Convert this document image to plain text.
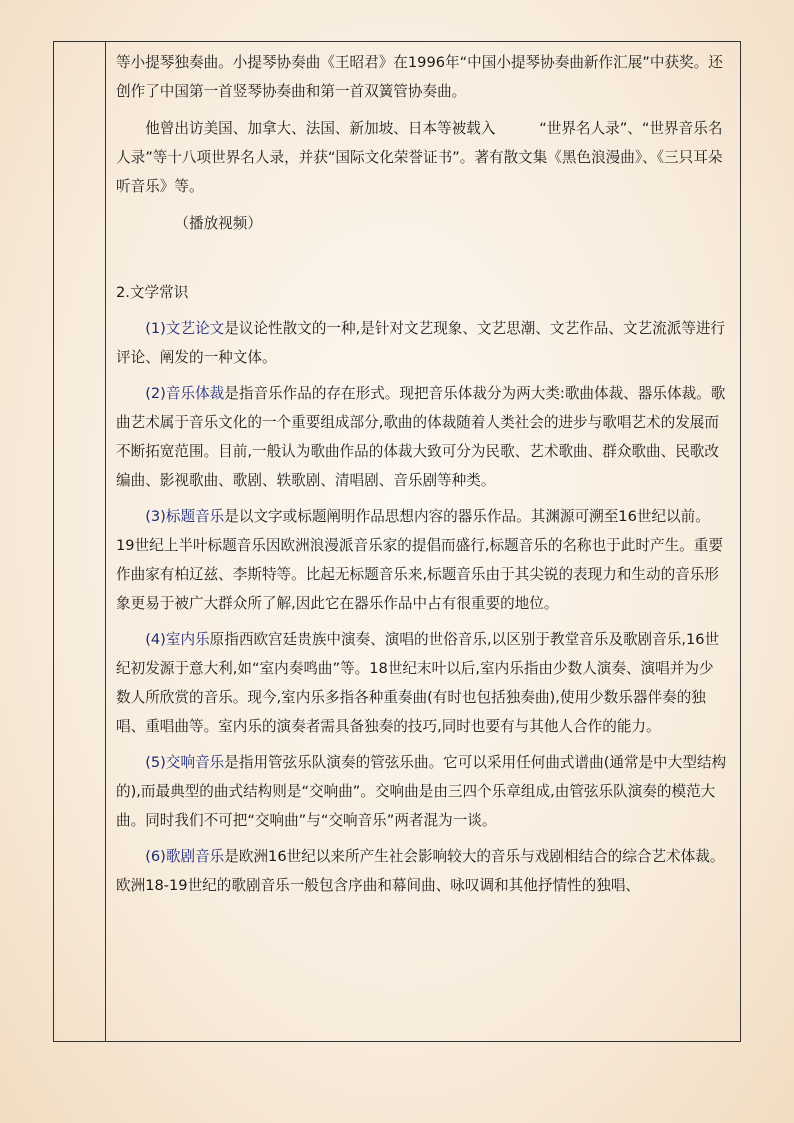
等小提琴独奏曲。小提琴协奏曲《王昭君》在1996年“中国小提琴协奏曲新作汇展”中获奖。还创作了中国第一首竖琴协奏曲和第一首双簧管协奏曲。

他曾出访美国、加拿大、法国、新加坡、日本等被载入　　　“世界名人录”、“世界音乐名人录”等十八项世界名人录，并获“国际文化荣誉证书”。著有散文集《黑色浪漫曲》、《三只耳朵听音乐》等。

（播放视频）

2.文学常识

(1)文艺论文是议论性散文的一种,是针对文艺现象、文艺思潮、文艺作品、文艺流派等进行评论、阐发的一种文体。

(2)音乐体裁是指音乐作品的存在形式。现把音乐体裁分为两大类:歌曲体裁、器乐体裁。歌曲艺术属于音乐文化的一个重要组成部分,歌曲的体裁随着人类社会的进步与歌唱艺术的发展而不断拓宽范围。目前,一般认为歌曲作品的体裁大致可分为民歌、艺术歌曲、群众歌曲、民歌改编曲、影视歌曲、歌剧、轶歌剧、清唱剧、音乐剧等种类。

(3)标题音乐是以文字或标题阐明作品思想内容的器乐作品。其渊源可溯至16世纪以前。19世纪上半叶标题音乐因欧洲浪漫派音乐家的提倡而盛行,标题音乐的名称也于此时产生。重要作曲家有柏辽兹、李斯特等。比起无标题音乐来,标题音乐由于其尖锐的表现力和生动的音乐形象更易于被广大群众所了解,因此它在器乐作品中占有很重要的地位。

(4)室内乐原指西欧宫廷贵族中演奏、演唱的世俗音乐,以区别于教堂音乐及歌剧音乐,16世纪初发源于意大利,如“室内奏鸣曲”等。18世纪末叶以后,室内乐指由少数人演奏、演唱并为少数人所欣赏的音乐。现今,室内乐多指各种重奏曲(有时也包括独奏曲),使用少数乐器伴奏的独唱、重唱曲等。室内乐的演奏者需具备独奏的技巧,同时也要有与其他人合作的能力。

(5)交响音乐是指用管弦乐队演奏的管弦乐曲。它可以采用任何曲式谱曲(通常是中大型结构的),而最典型的曲式结构则是“交响曲”。交响曲是由三四个乐章组成,由管弦乐队演奏的模范大曲。同时我们不可把“交响曲”与“交响音乐”两者混为一谈。

(6)歌剧音乐是欧洲16世纪以来所产生社会影响较大的音乐与戏剧相结合的综合艺术体裁。欧洲18-19世纪的歌剧音乐一般包含序曲和幕间曲、咏叹调和其他抒情性的独唱、
